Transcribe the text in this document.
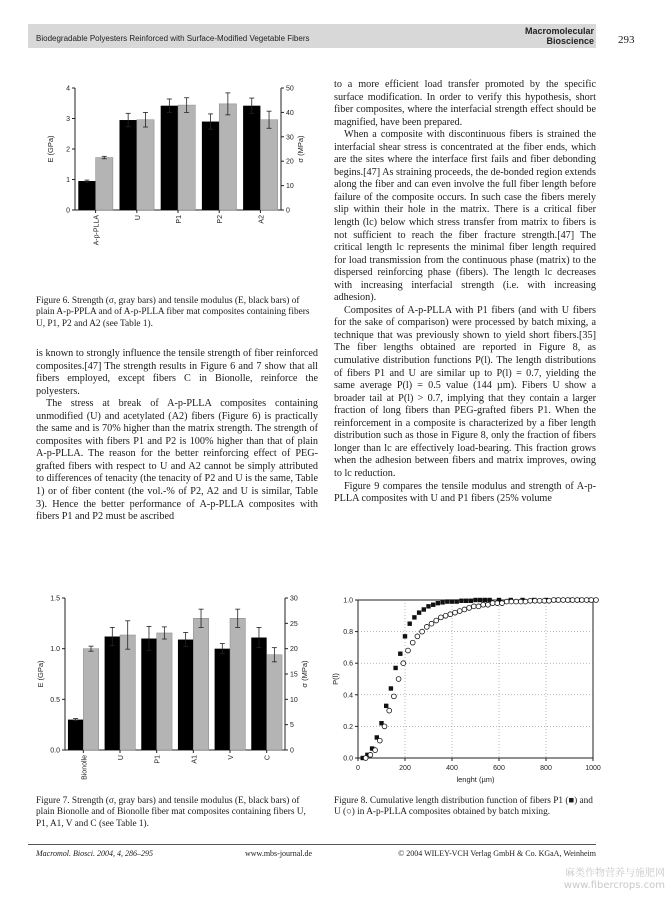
Biodegradable Polyesters Reinforced with Surface-Modified Vegetable Fibers
Macromolecular
Bioscience 293
0
1
2
3
4
0
10
20
30
40
50
E (GPa)	σ (MPa)
A-p-PLLA	U	P1	P2	A2
Figure 6. Strength (σ, gray bars) and tensile modulus (E, black bars) of plain A-p-PPLA and of A-p-PLLA fiber mat composites containing fibers U, P1, P2 and A2 (see Table 1).

is known to strongly influence the tensile strength of fiber reinforced composites.[47] The strength results in Figure 6 and 7 show that all fibers employed, except fibers C in Bionolle, reinforce the polyesters.

The stress at break of A-p-PLLA composites containing unmodified (U) and acetylated (A2) fibers (Figure 6) is practically the same and is 70% higher than the matrix strength. The strength of composites with fibers P1 and P2 is 100% higher than that of plain A-p-PLLA. The reason for the better reinforcing effect of PEG-grafted fibers with respect to U and A2 cannot be simply attributed to differences of tenacity (the tenacity of P2 and U is the same, Table 1) or of fiber content (the vol.-% of P2, A2 and U is similar, Table 3). Hence the better performance of A-p-PLLA composites with fibers P1 and P2 must be ascribed

to a more efficient load transfer promoted by the specific surface modification. In order to verify this hypothesis, short fiber composites, where the interfacial strength effect should be magnified, have been prepared.

When a composite with discontinuous fibers is strained the interfacial shear stress is concentrated at the fiber ends, which are the sites where the interface first fails and fiber debonding begins.[47] As straining proceeds, the de-bonded region extends along the fiber and can even involve the full fiber length before failure of the composite occurs. In such case the fibers merely slip within their hole in the matrix. There is a critical fiber length (lc) below which stress transfer from matrix to fibers is not sufficient to reach the fiber fracture strength.[47] The critical length lc represents the minimal fiber length required for load transmission from the continuous phase (matrix) to the dispersed reinforcing phase (fibers). The length lc decreases with increasing interfacial strength (i.e. with increasing adhesion).

Composites of A-p-PLLA with P1 fibers (and with U fibers for the sake of comparison) were processed by batch mixing, a technique that was previously shown to yield short fibers.[35] The fiber lengths obtained are reported in Figure 8, as cumulative distribution functions P(l). The length distributions of fibers P1 and U are similar up to P(l) = 0.7, yielding the same average P(l) = 0.5 value (144 µm). Fibers U show a broader tail at P(l) > 0.7, implying that they contain a larger fraction of long fibers than PEG-grafted fibers P1. When the reinforcement in a composite is characterized by a fiber length distribution such as those in Figure 8, only the fraction of fibers longer than lc are effectively load-bearing. This fraction grows when the adhesion between fibers and matrix improves, owing to lc reduction.

Figure 9 compares the tensile modulus and strength of A-p-PLLA composites with U and P1 fibers (25% volume

0.0
0.5
1.0
1.5
0
5
10
15
20
25
30
E (GPa)	σ (MPa)
Bionolle	U	P1	A1	V	C
Figure 7. Strength (σ, gray bars) and tensile modulus (E, black bars) of plain Bionolle and of Bionolle fiber mat composites containing fibers U, P1, A1, V and C (see Table 1).
0.0
0.2
0.4
0.6
0.8
1.0
0	200	400	600	800	1000
lenght (µm)
P(l)
Figure 8. Cumulative length distribution function of fibers P1 (■) and U (○) in A-p-PLLA composites obtained by batch mixing.
Macromol. Biosci. 2004, 4, 286–295	www.mbs-journal.de	© 2004 WILEY-VCH Verlag GmbH & Co. KGaA, Weinheim
麻类作物营养与施肥网
www.fibercrops.com
